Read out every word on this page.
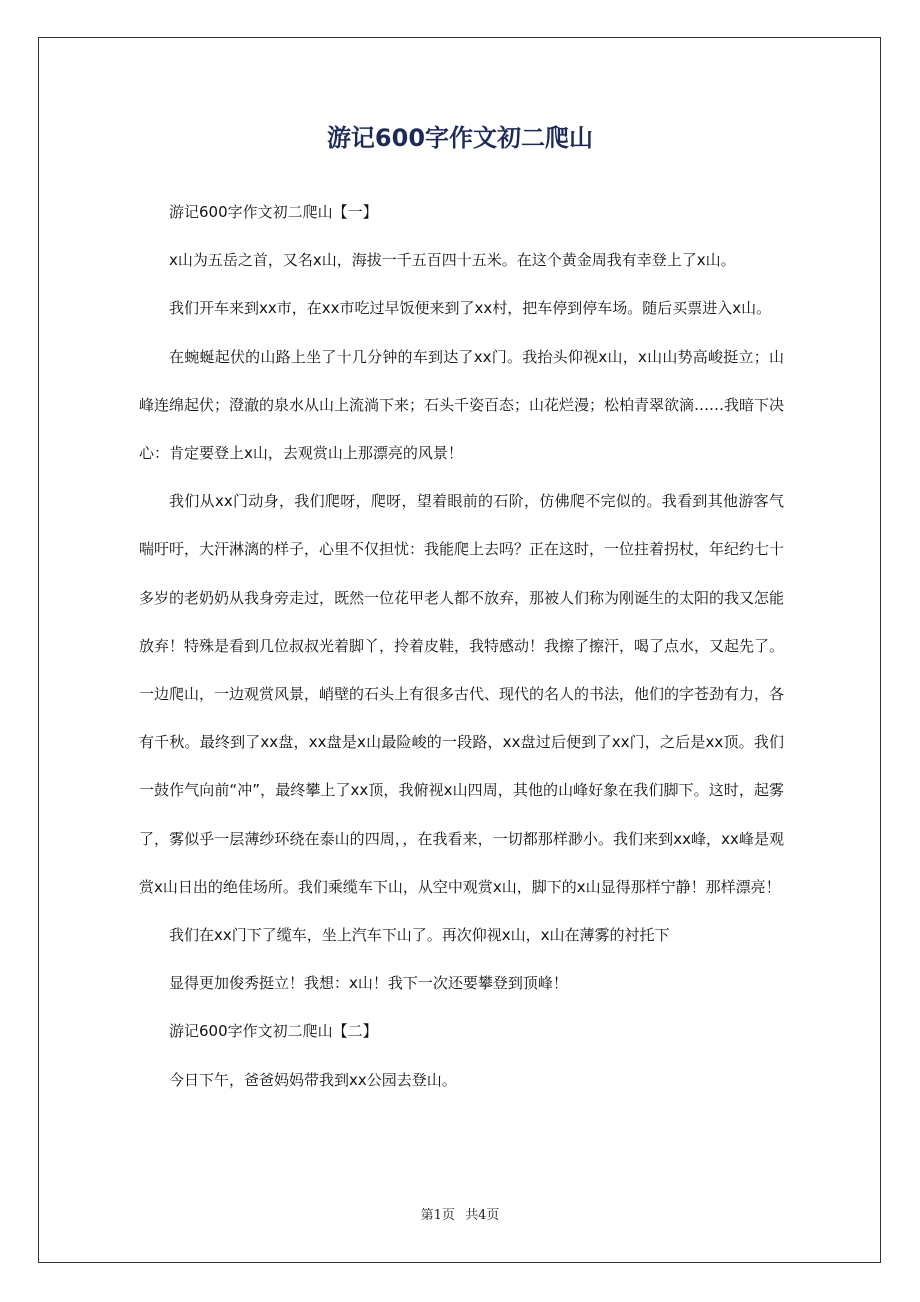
游记600字作文初二爬山

游记600字作文初二爬山【一】

x山为五岳之首，又名x山，海拔一千五百四十五米。在这个黄金周我有幸登上了x山。

我们开车来到xx市，在xx市吃过早饭便来到了xx村，把车停到停车场。随后买票进入x山。

在蜿蜒起伏的山路上坐了十几分钟的车到达了xx门。我抬头仰视x山，x山山势高峻挺立；山峰连绵起伏；澄澈的泉水从山上流淌下来；石头千姿百态；山花烂漫；松柏青翠欲滴……我暗下决心：肯定要登上x山，去观赏山上那漂亮的风景！

我们从xx门动身，我们爬呀，爬呀，望着眼前的石阶，仿佛爬不完似的。我看到其他游客气喘吁吁，大汗淋漓的样子，心里不仅担忧：我能爬上去吗？正在这时，一位拄着拐杖，年纪约七十多岁的老奶奶从我身旁走过，既然一位花甲老人都不放弃，那被人们称为刚诞生的太阳的我又怎能放弃！特殊是看到几位叔叔光着脚丫，拎着皮鞋，我特感动！我擦了擦汗，喝了点水，又起先了。一边爬山，一边观赏风景，峭壁的石头上有很多古代、现代的名人的书法，他们的字苍劲有力，各有千秋。最终到了xx盘，xx盘是x山最险峻的一段路，xx盘过后便到了xx门，之后是xx顶。我们一鼓作气向前“冲”，最终攀上了xx顶，我俯视x山四周，其他的山峰好象在我们脚下。这时，起雾了，雾似乎一层薄纱环绕在泰山的四周，，在我看来，一切都那样渺小。我们来到xx峰，xx峰是观赏x山日出的绝佳场所。我们乘缆车下山，从空中观赏x山，脚下的x山显得那样宁静！那样漂亮！

我们在xx门下了缆车，坐上汽车下山了。再次仰视x山，x山在薄雾的衬托下

显得更加俊秀挺立！我想：x山！我下一次还要攀登到顶峰！

游记600字作文初二爬山【二】

今日下午，爸爸妈妈带我到xx公园去登山。

第1页 共4页
